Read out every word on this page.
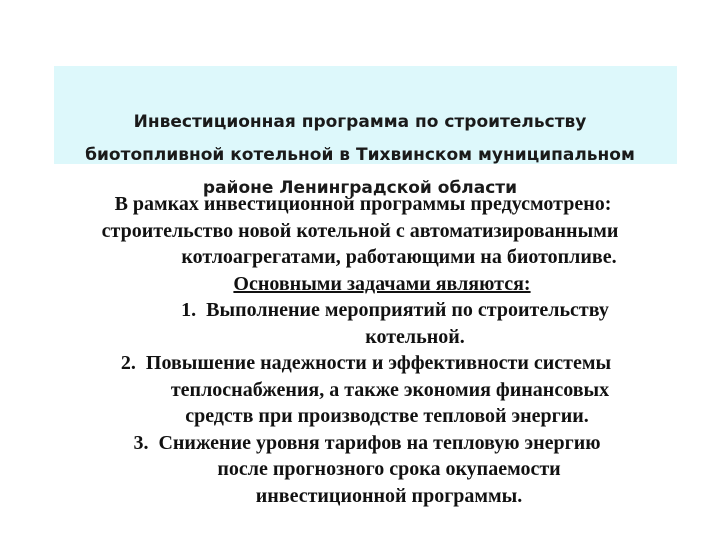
Инвестиционная программа по строительству
биотопливной котельной в Тихвинском муниципальном
районе Ленинградской области
В рамках инвестиционной программы предусмотрено:
строительство новой котельной с автоматизированными
котлоагрегатами, работающими на биотопливе.
Основными задачами являются:
1. Выполнение мероприятий по строительству
котельной.
2. Повышение надежности и эффективности системы
теплоснабжения, а также экономия финансовых
средств при производстве тепловой энергии.
3. Снижение уровня тарифов на тепловую энергию
после прогнозного срока окупаемости
инвестиционной программы.
